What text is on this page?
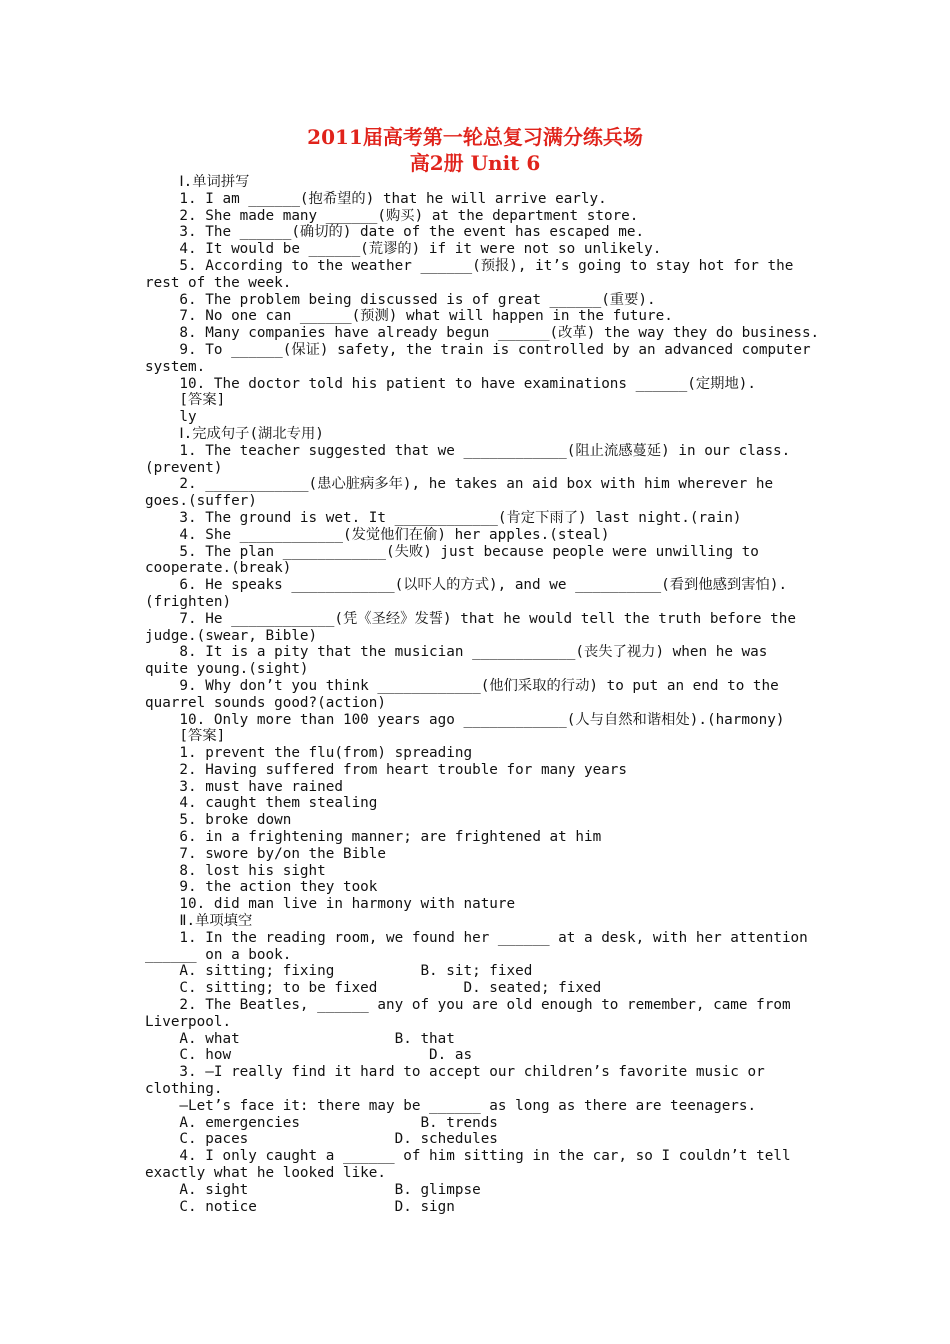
2011届高考第一轮总复习满分练兵场
高2册 Unit 6
Ⅰ.单词拼写
1. I am ______(抱希望的) that he will arrive early.
2. She made many ______(购买) at the department store.
3. The ______(确切的) date of the event has escaped me.
4. It would be ______(荒谬的) if it were not so unlikely.
5. According to the weather ______(预报), it’s going to stay hot for the
rest of the week.
6. The problem being discussed is of great ______(重要).
7. No one can ______(预测) what will happen in the future.
8. Many companies have already begun ______(改革) the way they do business.
9. To ______(保证) safety, the train is controlled by an advanced computer
system.
10. The doctor told his patient to have examinations ______(定期地).
[答案]
ly
Ⅰ.完成句子(湖北专用)
1. The teacher suggested that we ____________(阻止流感蔓延) in our class.
(prevent)
2. ____________(患心脏病多年), he takes an aid box with him wherever he
goes.(suffer)
3. The ground is wet. It ____________(肯定下雨了) last night.(rain)
4. She ____________(发觉他们在偷) her apples.(steal)
5. The plan ____________(失败) just because people were unwilling to
cooperate.(break)
6. He speaks ____________(以吓人的方式), and we __________(看到他感到害怕).
(frighten)
7. He ____________(凭《圣经》发誓) that he would tell the truth before the
judge.(swear, Bible)
8. It is a pity that the musician ____________(丧失了视力) when he was
quite young.(sight)
9. Why don’t you think ____________(他们采取的行动) to put an end to the
quarrel sounds good?(action)
10. Only more than 100 years ago ____________(人与自然和谐相处).(harmony)
[答案]
1. prevent the flu(from) spreading
2. Having suffered from heart trouble for many years
3. must have rained
4. caught them stealing
5. broke down
6. in a frightening manner; are frightened at him
7. swore by/on the Bible
8. lost his sight
9. the action they took
10. did man live in harmony with nature
Ⅱ.单项填空
1. In the reading room, we found her ______ at a desk, with her attention
______ on a book.
A. sitting; fixing          B. sit; fixed
C. sitting; to be fixed          D. seated; fixed
2. The Beatles, ______ any of you are old enough to remember, came from
Liverpool.
A. what                  B. that
C. how                       D. as
3. —I really find it hard to accept our children’s favorite music or
clothing.
—Let’s face it: there may be ______ as long as there are teenagers.
A. emergencies              B. trends
C. paces                 D. schedules
4. I only caught a ______ of him sitting in the car, so I couldn’t tell
exactly what he looked like.
A. sight                 B. glimpse
C. notice                D. sign
